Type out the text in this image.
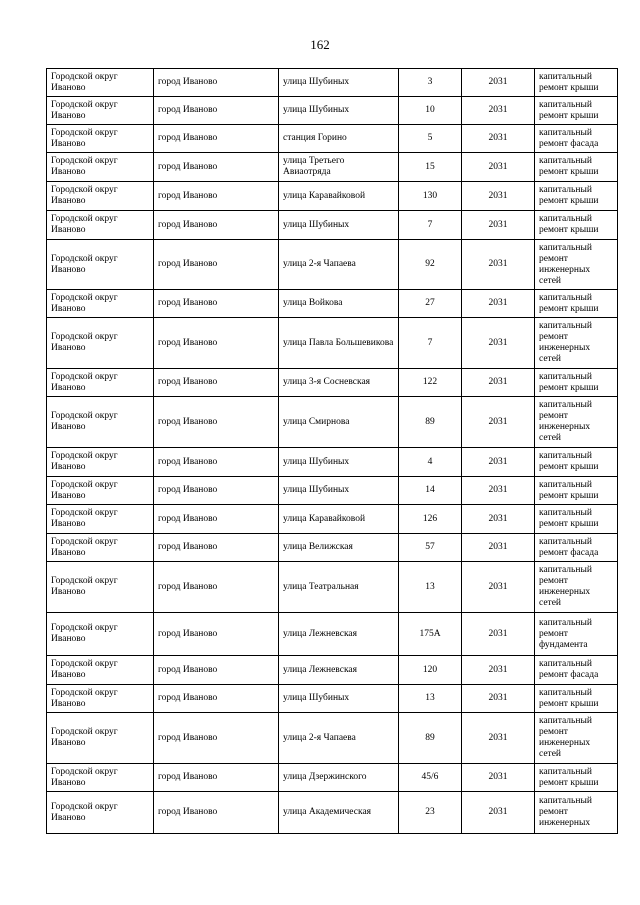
162
Городской округ Иваново	город Иваново	улица Шубиных	3	2031	капитальный ремонт крыши
Городской округ Иваново	город Иваново	улица Шубиных	10	2031	капитальный ремонт крыши
Городской округ Иваново	город Иваново	станция Горино	5	2031	капитальный ремонт фасада
Городской округ Иваново	город Иваново	улица Третьего Авиаотряда	15	2031	капитальный ремонт крыши
Городской округ Иваново	город Иваново	улица Каравайковой	130	2031	капитальный ремонт крыши
Городской округ Иваново	город Иваново	улица Шубиных	7	2031	капитальный ремонт крыши
Городской округ Иваново	город Иваново	улица 2-я Чапаева	92	2031	капитальный ремонт инженерных сетей
Городской округ Иваново	город Иваново	улица Войкова	27	2031	капитальный ремонт крыши
Городской округ Иваново	город Иваново	улица Павла Большевикова	7	2031	капитальный ремонт инженерных сетей
Городской округ Иваново	город Иваново	улица 3-я Сосневская	122	2031	капитальный ремонт крыши
Городской округ Иваново	город Иваново	улица Смирнова	89	2031	капитальный ремонт инженерных сетей
Городской округ Иваново	город Иваново	улица Шубиных	4	2031	капитальный ремонт крыши
Городской округ Иваново	город Иваново	улица Шубиных	14	2031	капитальный ремонт крыши
Городской округ Иваново	город Иваново	улица Каравайковой	126	2031	капитальный ремонт крыши
Городской округ Иваново	город Иваново	улица Велижская	57	2031	капитальный ремонт фасада
Городской округ Иваново	город Иваново	улица Театральная	13	2031	капитальный ремонт инженерных сетей
Городской округ Иваново	город Иваново	улица Лежневская	175А	2031	капитальный ремонт фундамента
Городской округ Иваново	город Иваново	улица Лежневская	120	2031	капитальный ремонт фасада
Городской округ Иваново	город Иваново	улица Шубиных	13	2031	капитальный ремонт крыши
Городской округ Иваново	город Иваново	улица 2-я Чапаева	89	2031	капитальный ремонт инженерных сетей
Городской округ Иваново	город Иваново	улица Дзержинского	45/6	2031	капитальный ремонт крыши
Городской округ Иваново	город Иваново	улица Академическая	23	2031	капитальный ремонт инженерных
